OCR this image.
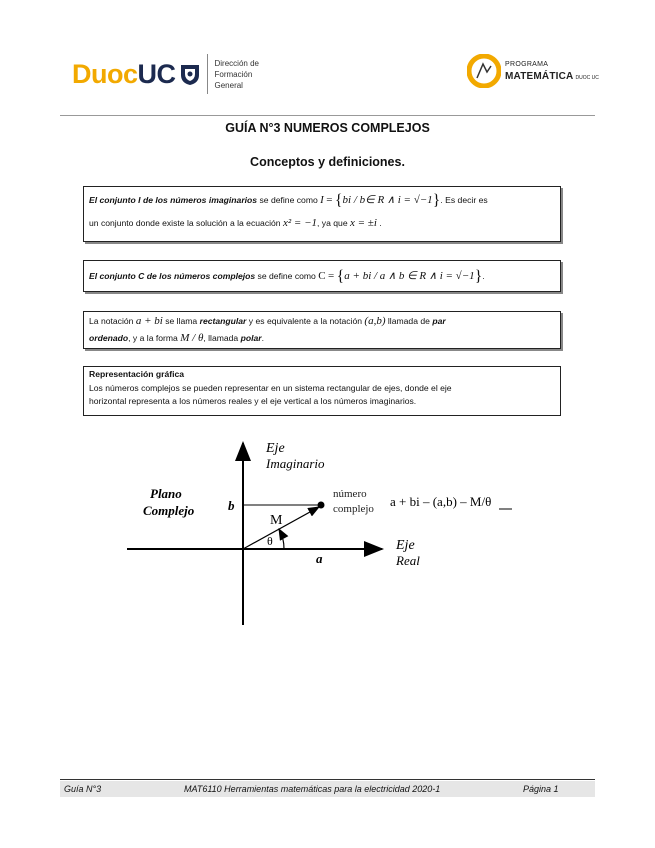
DuocUC	Dirección de
Formación
General
PROGRAMA
MATEMÁTICA DUOC UC
GUÍA N°3 NUMEROS COMPLEJOS
Conceptos y definiciones.
El conjunto I de los números imaginarios se define como I = {bi / b∈ R ∧ i = √−1}. Es decir es
un conjunto donde existe la solución a la ecuación x² = −1, ya que x = ±i .
El conjunto C de los números complejos se define como C = {a + bi / a ∧ b ∈ R ∧ i = √−1}.
La notación a + bi se llama rectangular y es equivalente a la notación (a,b) llamada de par
ordenado, y a la forma M / θ, llamada polar.
Representación gráfica
Los números complejos se pueden representar en un sistema rectangular de ejes, donde el eje
horizontal representa a los números reales y el eje vertical a los números imaginarios.
Eje
Imaginario
Eje
Real
Plano
Complejo	b
a
M
θ
número
complejo a + bi – (a,b) – M/θ
Guía N°3	MAT6110 Herramientas matemáticas para la electricidad 2020-1	Página 1
